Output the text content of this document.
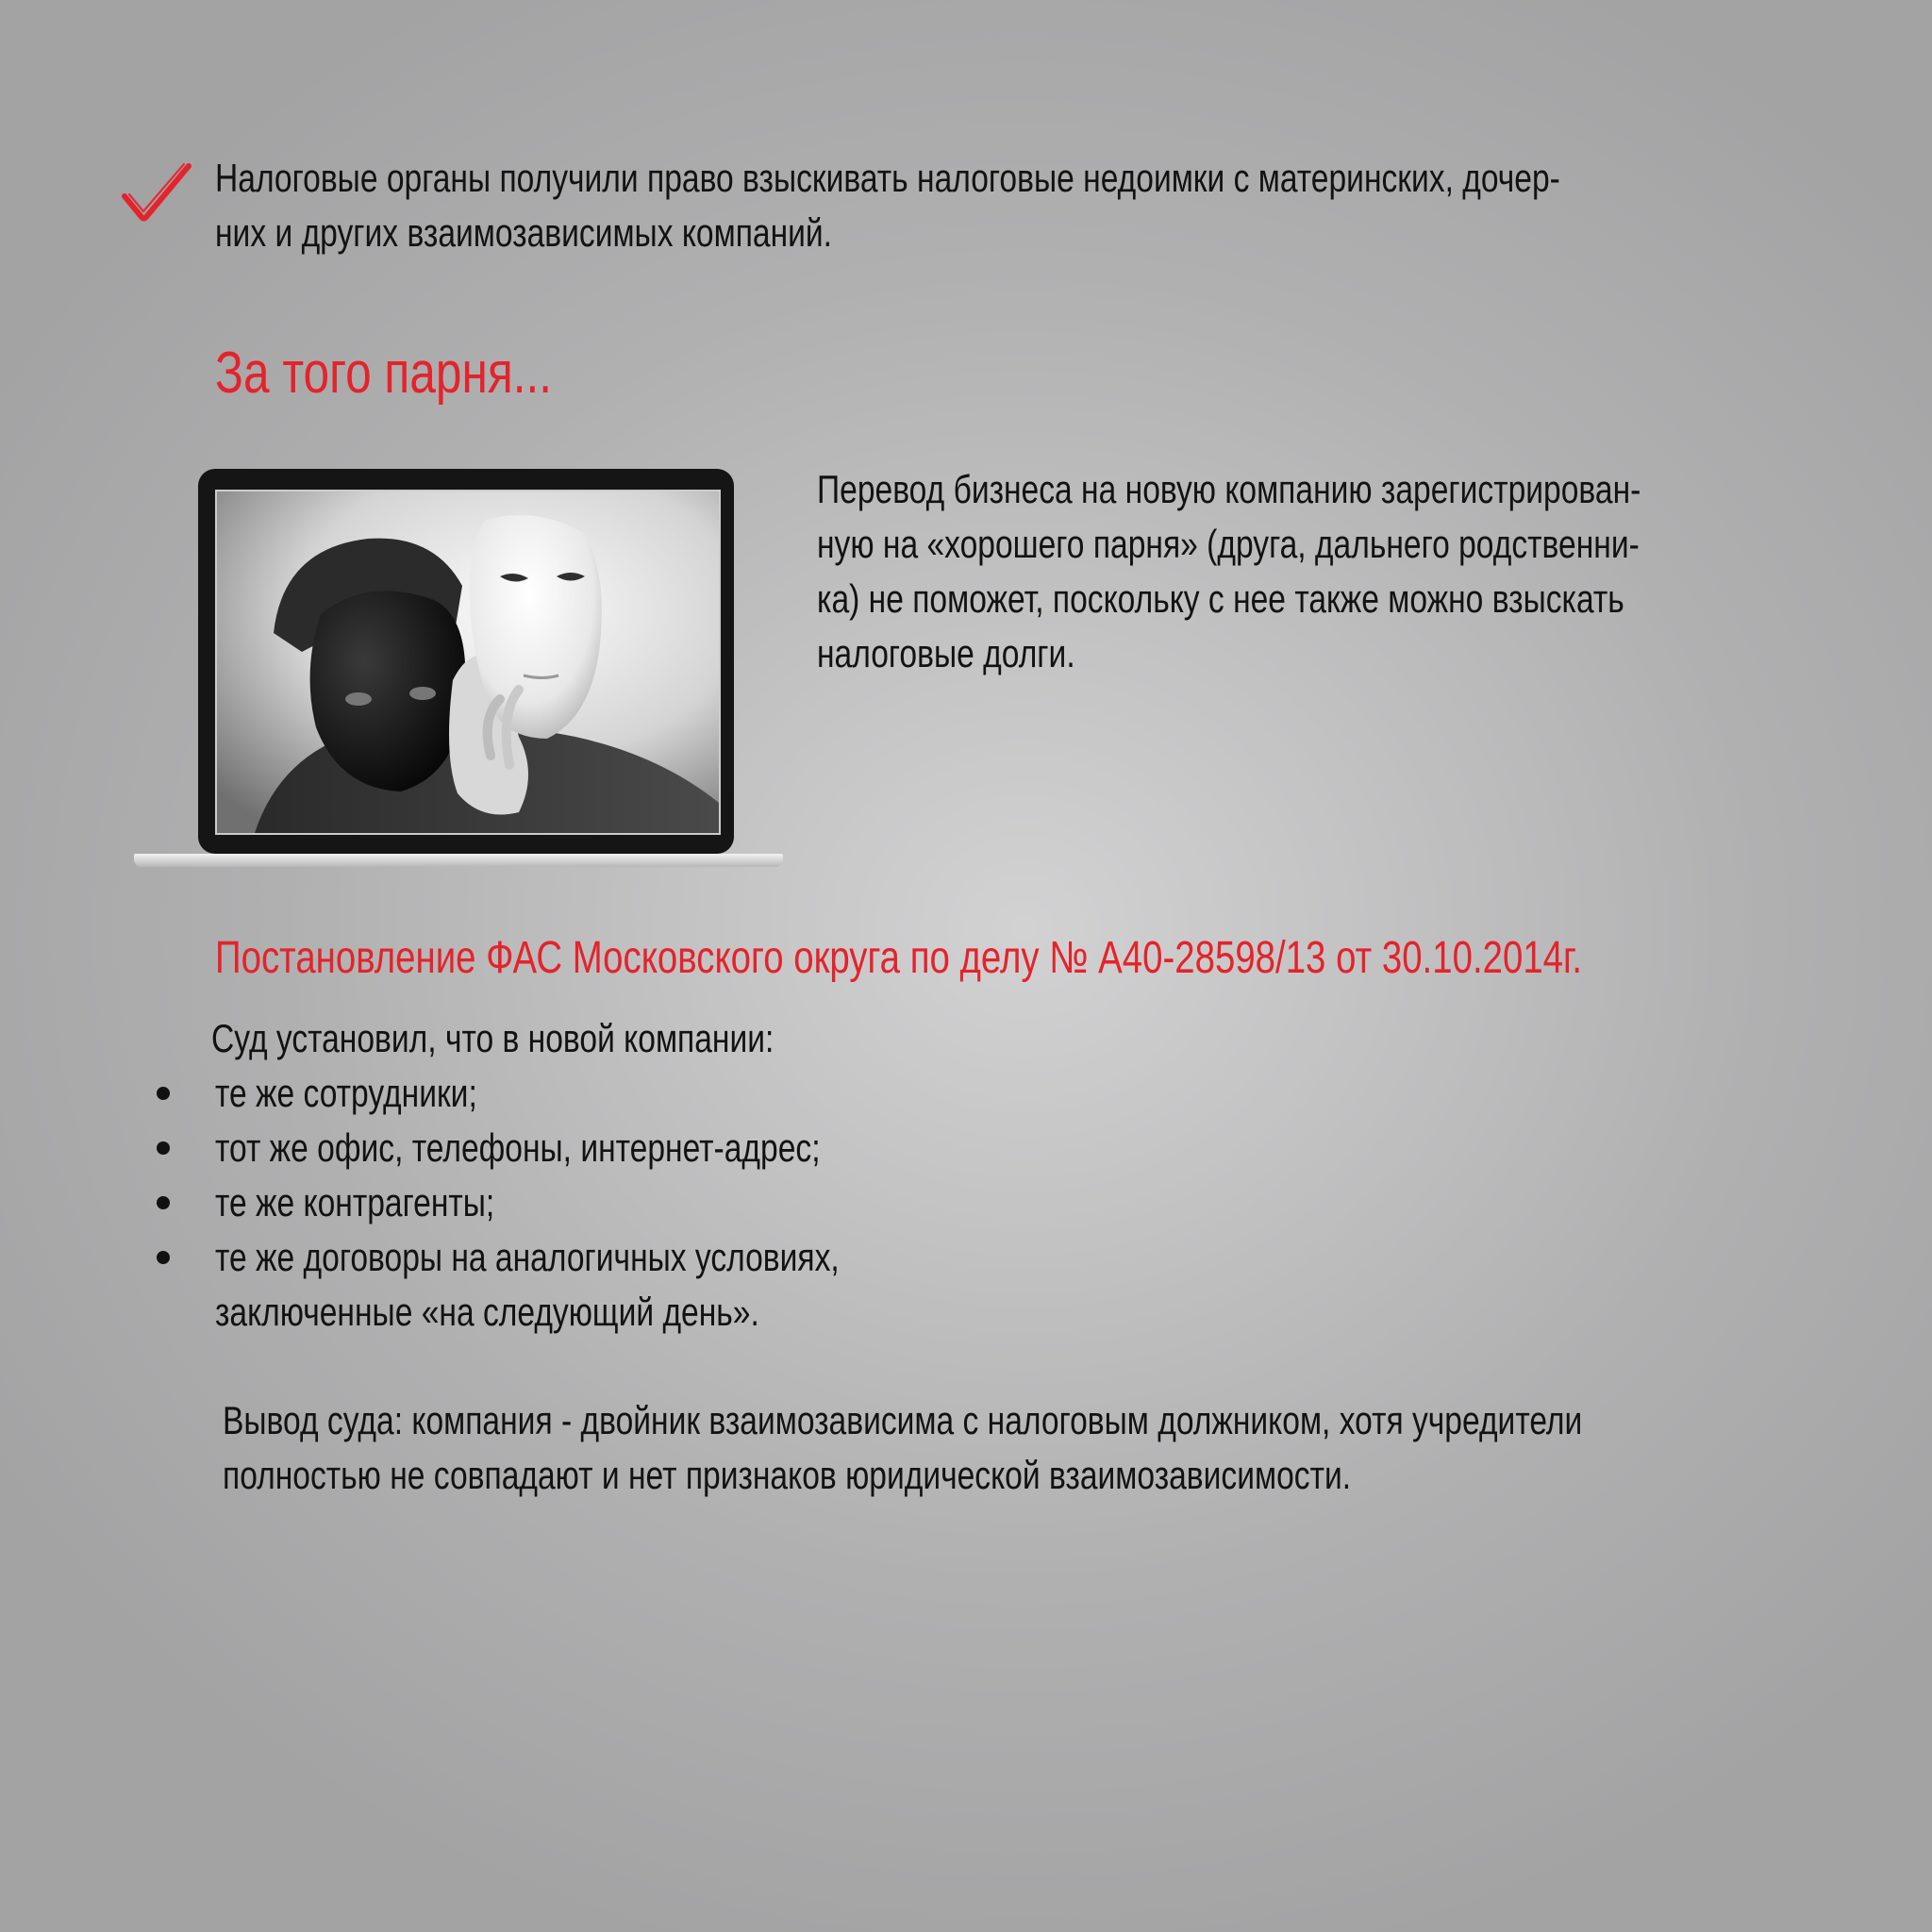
Налоговые органы получили право взыскивать налоговые недоимки с материнских, дочер-
них и других взаимозависимых компаний.
За того парня...
Перевод бизнеса на новую компанию зарегистрирован-
ную на «хорошего парня» (друга, дальнего родственни-
ка) не поможет, поскольку с нее также можно взыскать
налоговые долги.
Постановление ФАС Московского округа по делу № А40-28598/13 от 30.10.2014г.
Суд установил, что в новой компании:
те же сотрудники;
тот же офис, телефоны, интернет-адрес;
те же контрагенты;
те же договоры на аналогичных условиях,
заключенные «на следующий день».
Вывод суда: компания - двойник взаимозависима с налоговым должником, хотя учредители
полностью не совпадают и нет признаков юридической взаимозависимости.
